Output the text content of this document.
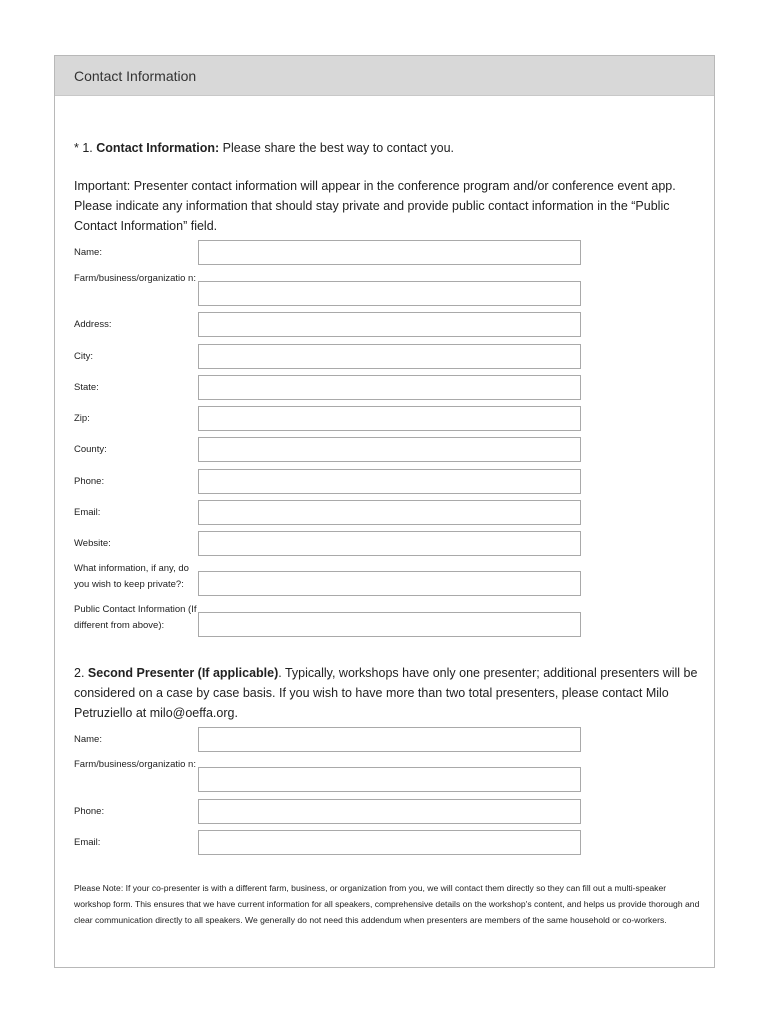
Contact Information
* 1. Contact Information: Please share the best way to contact you.
Important: Presenter contact information will appear in the conference program and/or conference event app. Please indicate any information that should stay private and provide public contact information in the “Public Contact Information” field.
Name:
Farm/business/organizatio n:
Address:
City:
State:
Zip:
County:
Phone:
Email:
Website:
What information, if any, do you wish to keep private?:
Public Contact Information (If different from above):
2. Second Presenter (If applicable). Typically, workshops have only one presenter; additional presenters will be considered on a case by case basis. If you wish to have more than two total presenters, please contact Milo Petruziello at milo@oeffa.org.
Name:
Farm/business/organizatio n:
Phone:
Email:
Please Note: If your co-presenter is with a different farm, business, or organization from you, we will contact them directly so they can fill out a multi-speaker workshop form. This ensures that we have current information for all speakers, comprehensive details on the workshop's content, and helps us provide thorough and clear communication directly to all speakers. We generally do not need this addendum when presenters are members of the same household or co-workers.
